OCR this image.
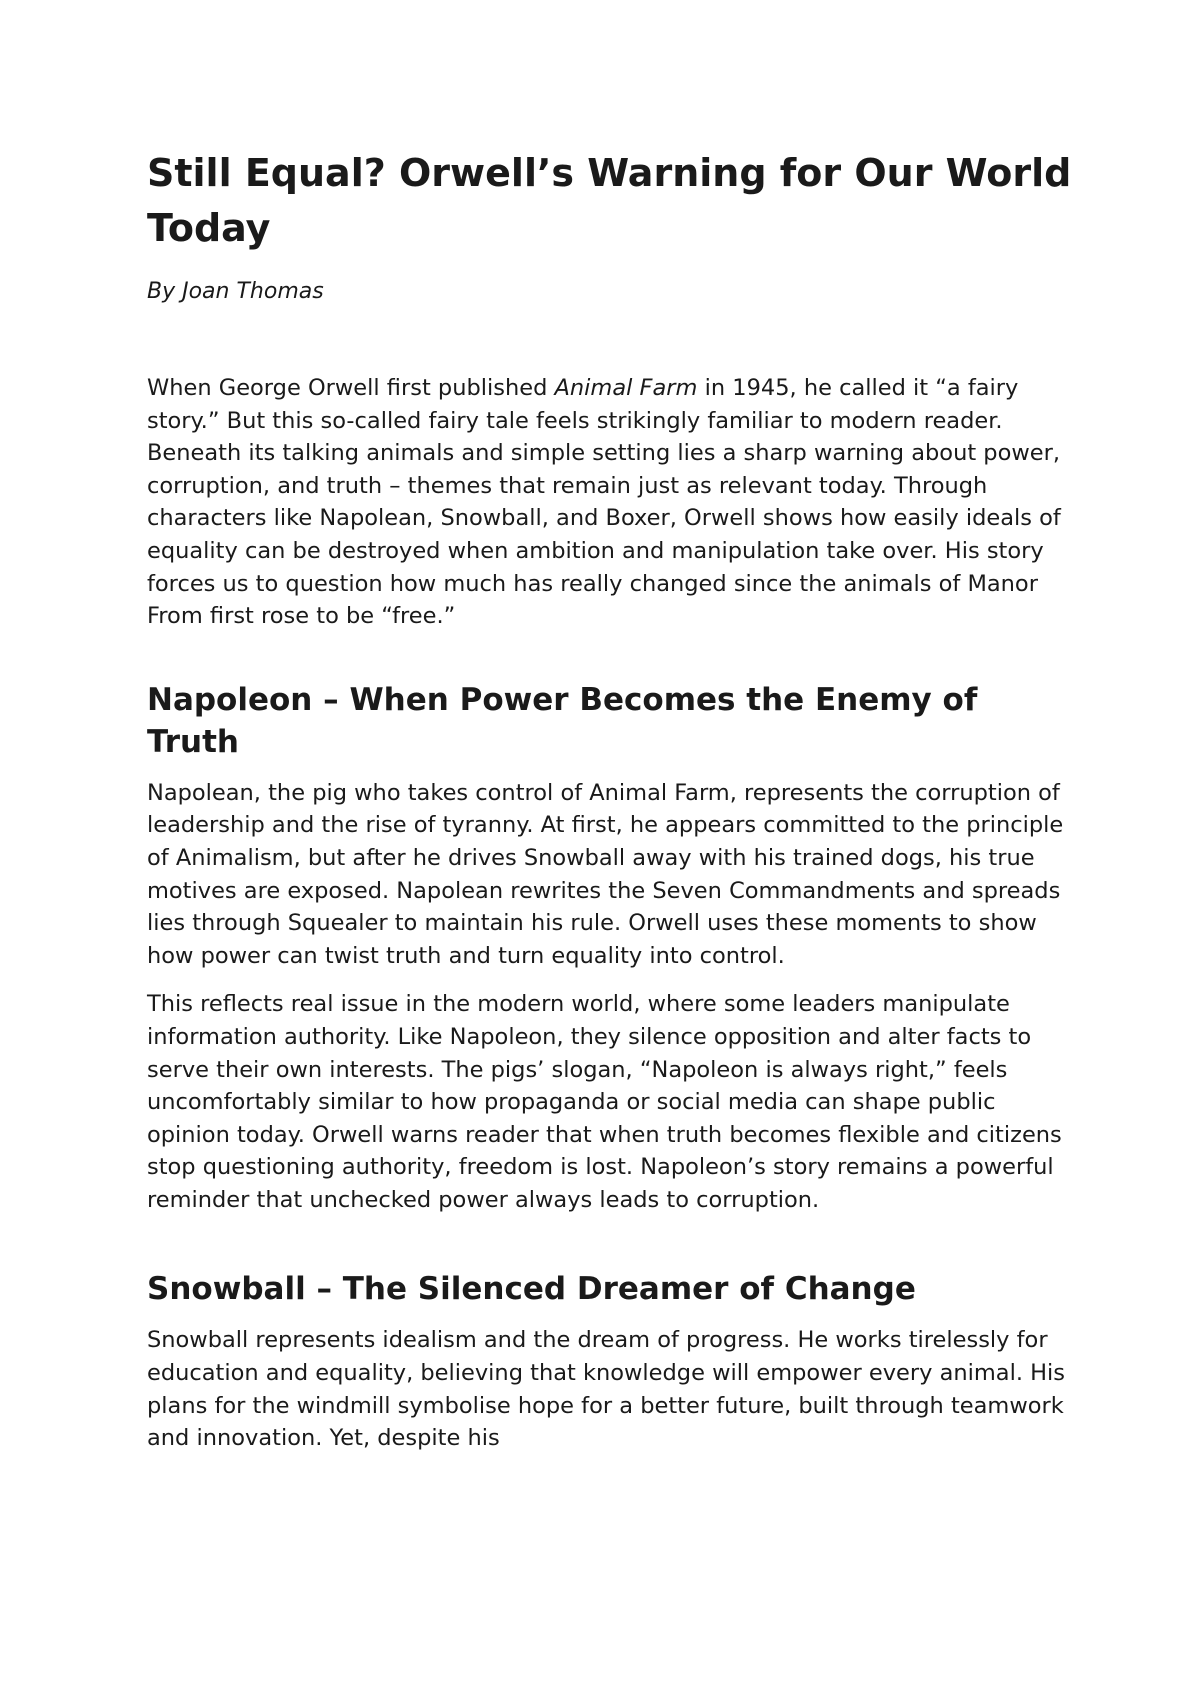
Still Equal? Orwell’s Warning for Our World Today

By Joan Thomas

When George Orwell first published Animal Farm in 1945, he called it “a fairy story.” But this so-called fairy tale feels strikingly familiar to modern reader. Beneath its talking animals and simple setting lies a sharp warning about power, corruption, and truth – themes that remain just as relevant today. Through characters like Napolean, Snowball, and Boxer, Orwell shows how easily ideals of equality can be destroyed when ambition and manipulation take over. His story forces us to question how much has really changed since the animals of Manor From first rose to be “free.”

Napoleon – When Power Becomes the Enemy of Truth

Napolean, the pig who takes control of Animal Farm, represents the corruption of leadership and the rise of tyranny. At first, he appears committed to the principle of Animalism, but after he drives Snowball away with his trained dogs, his true motives are exposed. Napolean rewrites the Seven Commandments and spreads lies through Squealer to maintain his rule. Orwell uses these moments to show how power can twist truth and turn equality into control.

This reflects real issue in the modern world, where some leaders manipulate information authority. Like Napoleon, they silence opposition and alter facts to serve their own interests. The pigs’ slogan, “Napoleon is always right,” feels uncomfortably similar to how propaganda or social media can shape public opinion today. Orwell warns reader that when truth becomes flexible and citizens stop questioning authority, freedom is lost. Napoleon’s story remains a powerful reminder that unchecked power always leads to corruption.

Snowball – The Silenced Dreamer of Change

Snowball represents idealism and the dream of progress. He works tirelessly for education and equality, believing that knowledge will empower every animal. His plans for the windmill symbolise hope for a better future, built through teamwork and innovation. Yet, despite his
